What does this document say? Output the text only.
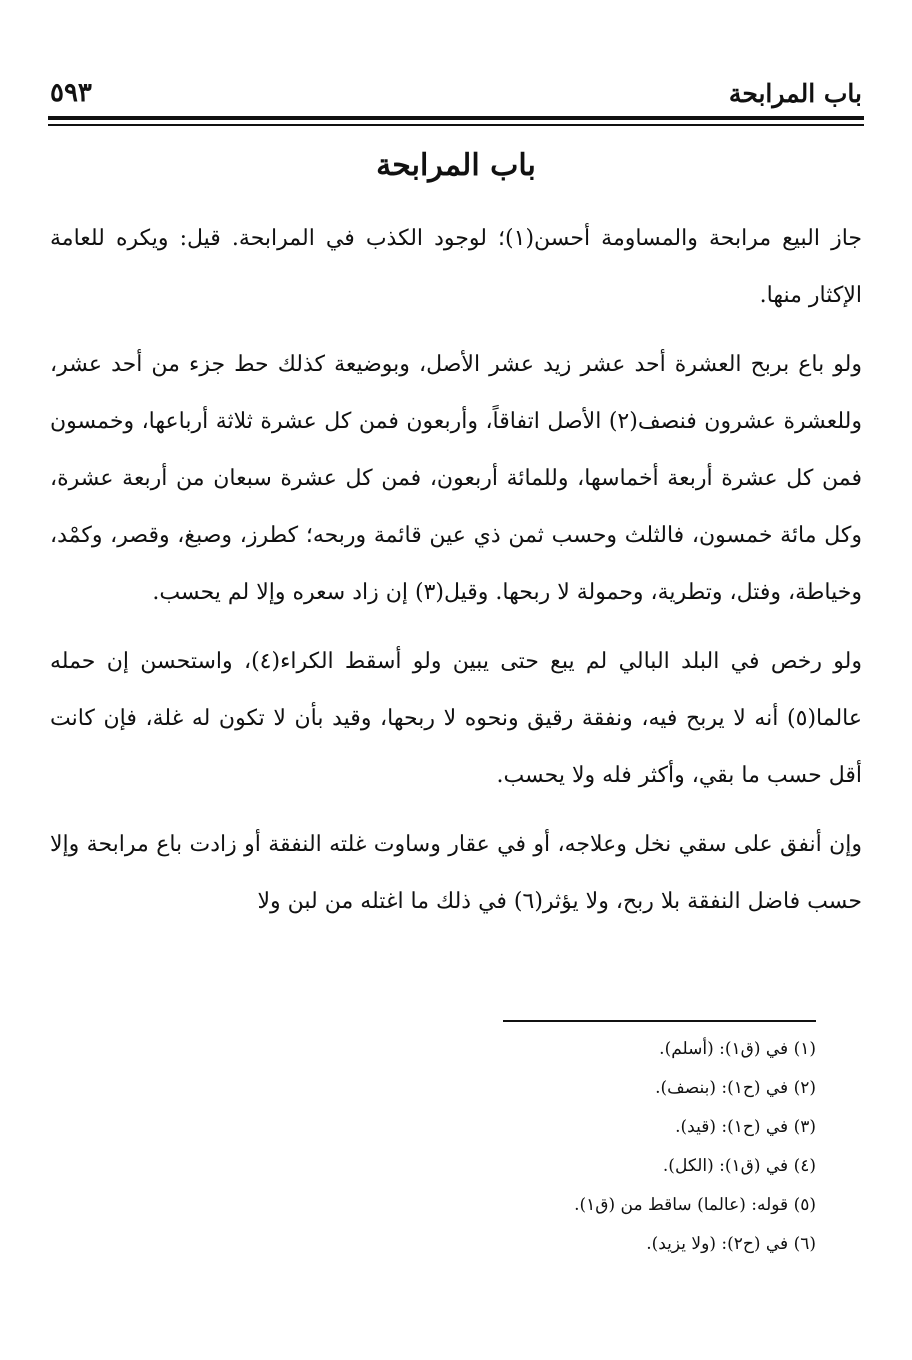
باب المرابحة
٥٩٣
باب المرابحة

جاز البيع مرابحة والمساومة أحسن(١)؛ لوجود الكذب في المرابحة. قيل: ويكره للعامة الإكثار منها.

ولو باع بربح العشرة أحد عشر زيد عشر الأصل، وبوضيعة كذلك حط جزء من أحد عشر، وللعشرة عشرون فنصف(٢) الأصل اتفاقاً، وأربعون فمن كل عشرة ثلاثة أرباعها، وخمسون فمن كل عشرة أربعة أخماسها، وللمائة أربعون، فمن كل عشرة سبعان من أربعة عشرة، وكل مائة خمسون، فالثلث وحسب ثمن ذي عين قائمة وربحه؛ كطرز، وصبغ، وقصر، وكمْد، وخياطة، وفتل، وتطرية، وحمولة لا ربحها. وقيل(٣) إن زاد سعره وإلا لم يحسب.

ولو رخص في البلد البالي لم يبع حتى يبين ولو أسقط الكراء(٤)، واستحسن إن حمله عالما(٥) أنه لا يربح فيه، ونفقة رقيق ونحوه لا ربحها، وقيد بأن لا تكون له غلة، فإن كانت أقل حسب ما بقي، وأكثر فله ولا يحسب.

وإن أنفق على سقي نخل وعلاجه، أو في عقار وساوت غلته النفقة أو زادت باع مرابحة وإلا حسب فاضل النفقة بلا ربح، ولا يؤثر(٦) في ذلك ما اغتله من لبن ولا

(١) في (ق١): (أسلم).
(٢) في (ح١): (بنصف).
(٣) في (ح١): (قيد).
(٤) في (ق١): (الكل).
(٥) قوله: (عالما) ساقط من (ق١).
(٦) في (ح٢): (ولا يزيد).
